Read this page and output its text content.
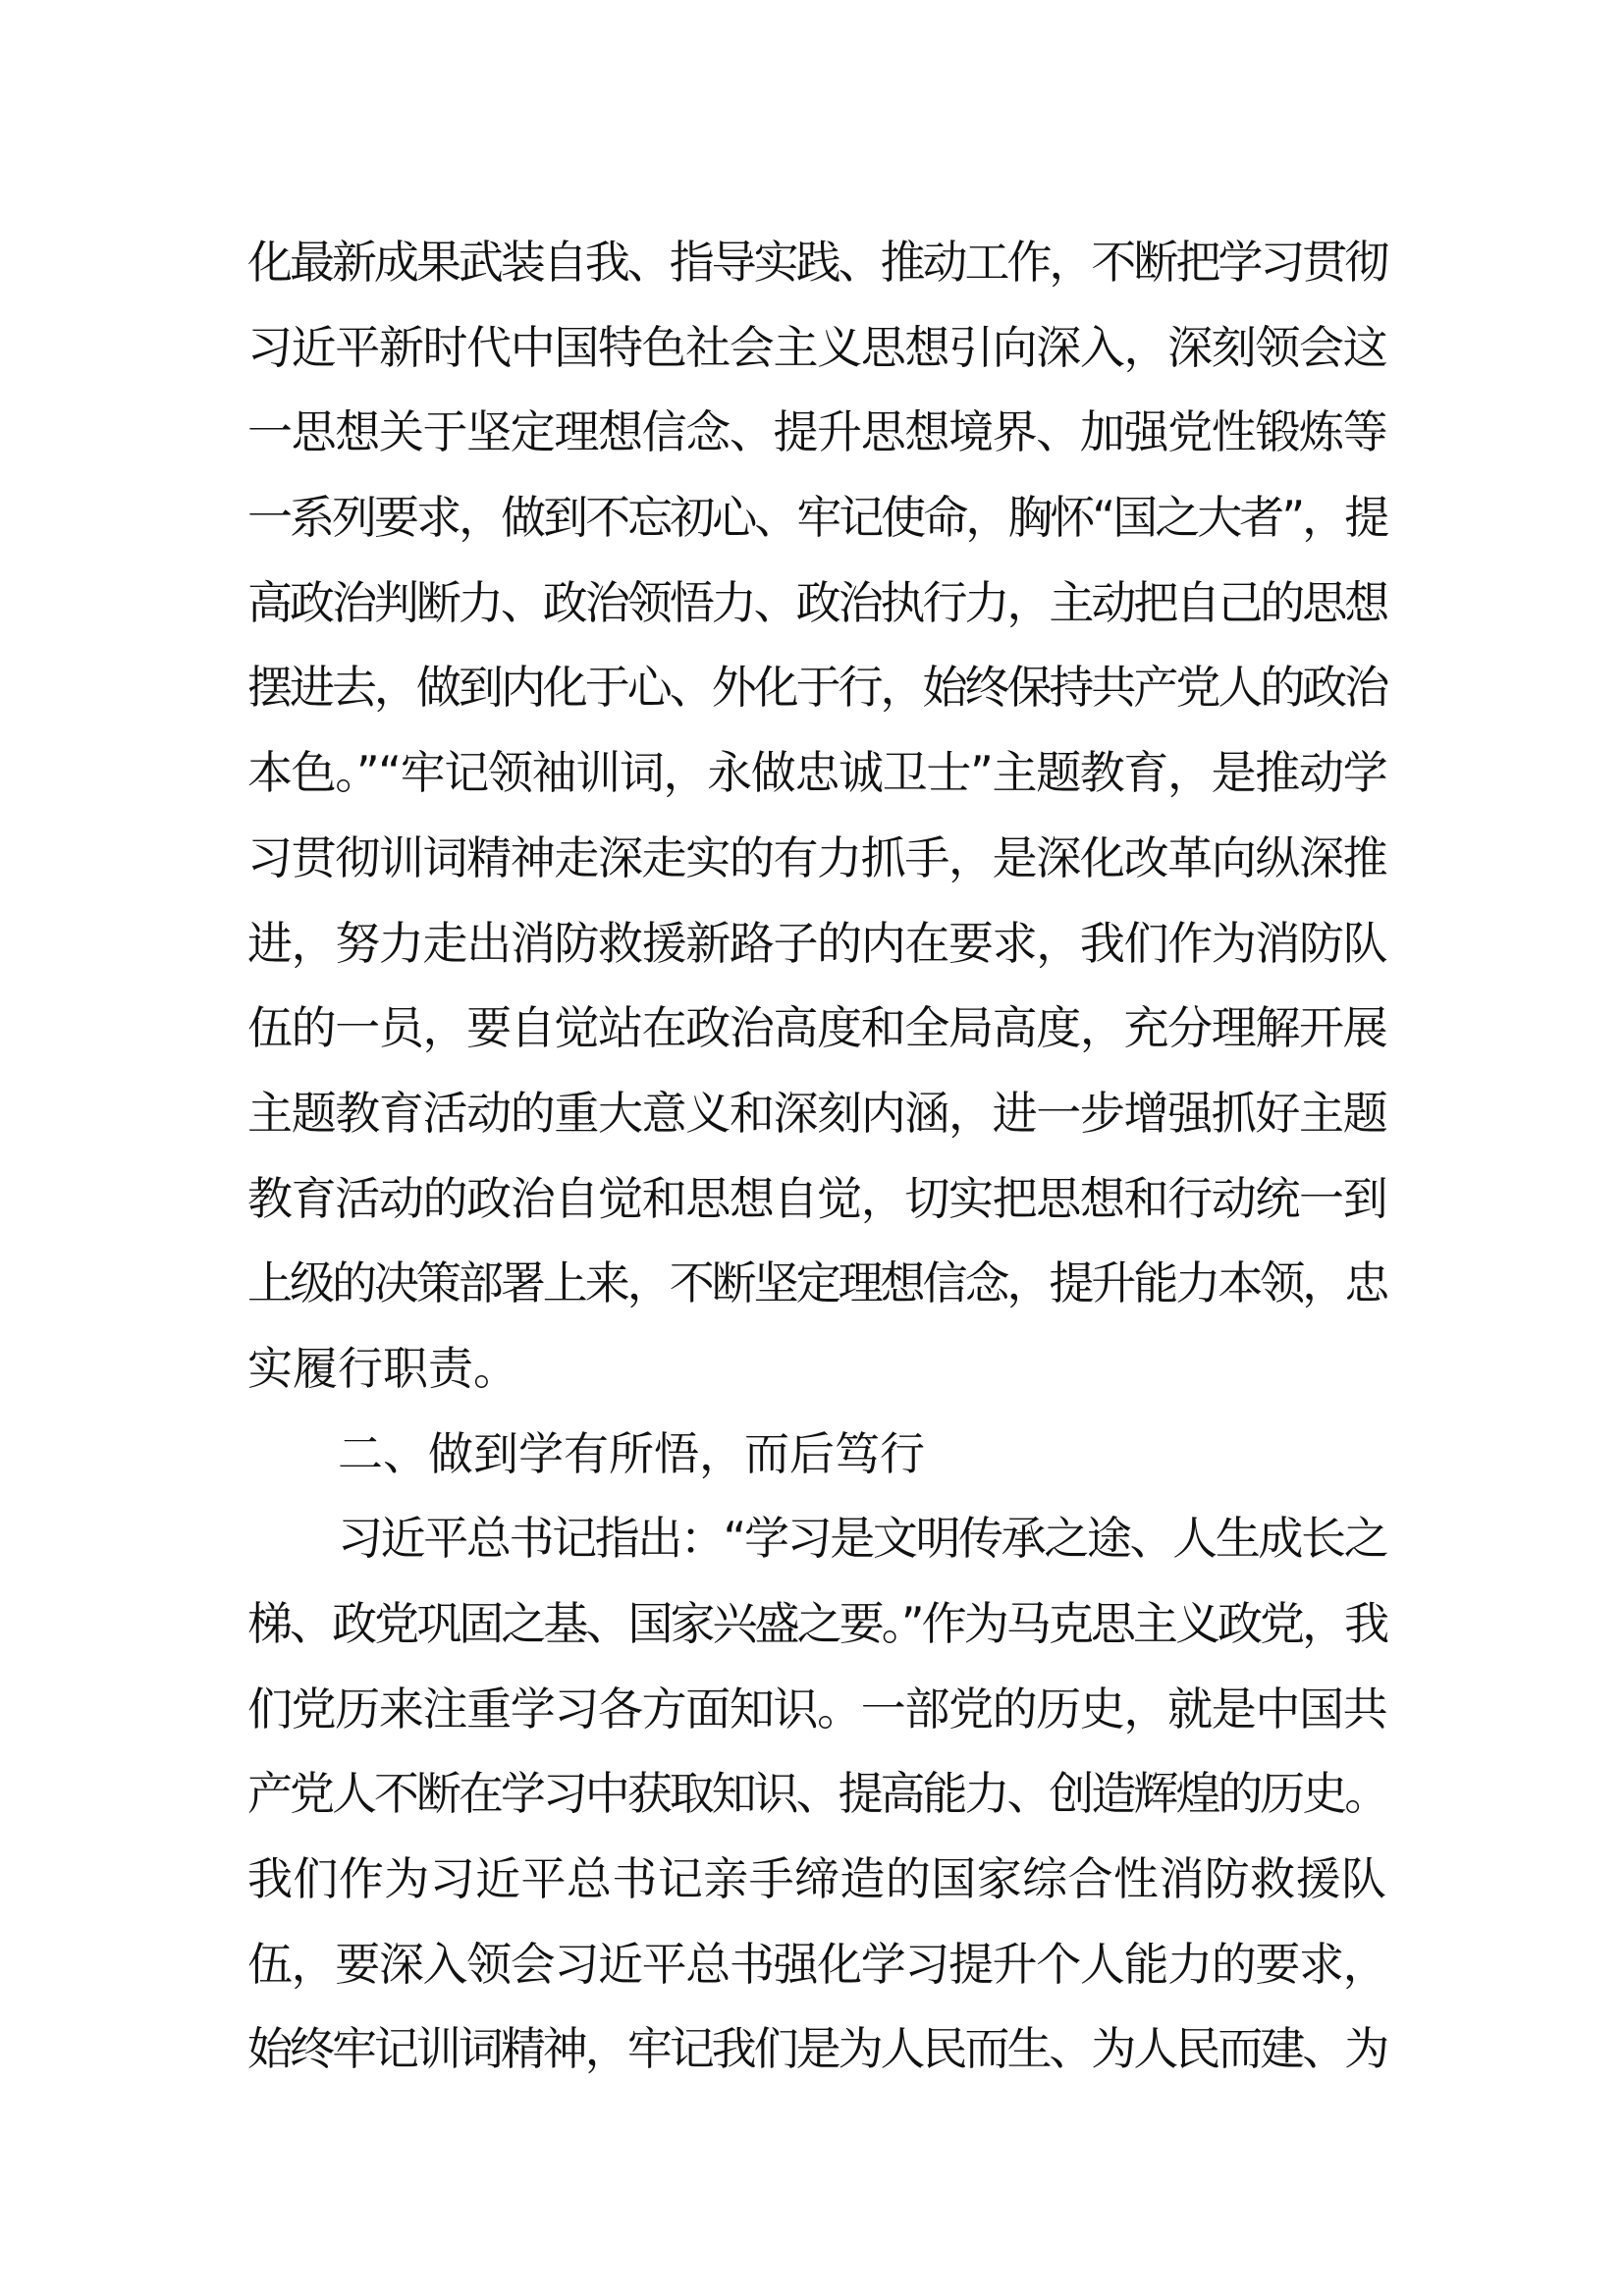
化最新成果武装自我、指导实践、推动工作，不断把学习贯彻
习近平新时代中国特色社会主义思想引向深入，深刻领会这
一思想关于坚定理想信念、提升思想境界、加强党性锻炼等
一系列要求，做到不忘初心、牢记使命，胸怀“国之大者”，提
高政治判断力、政治领悟力、政治执行力，主动把自己的思想
摆进去，做到内化于心、外化于行，始终保持共产党人的政治
本色。”“牢记领袖训词，永做忠诚卫士”主题教育，是推动学
习贯彻训词精神走深走实的有力抓手，是深化改革向纵深推
进，努力走出消防救援新路子的内在要求，我们作为消防队
伍的一员，要自觉站在政治高度和全局高度，充分理解开展
主题教育活动的重大意义和深刻内涵，进一步增强抓好主题
教育活动的政治自觉和思想自觉，切实把思想和行动统一到
上级的决策部署上来，不断坚定理想信念，提升能力本领，忠
实履行职责。
二、做到学有所悟，而后笃行
习近平总书记指出：“学习是文明传承之途、人生成长之
梯、政党巩固之基、国家兴盛之要。”作为马克思主义政党，我
们党历来注重学习各方面知识。一部党的历史，就是中国共
产党人不断在学习中获取知识、提高能力、创造辉煌的历史。
我们作为习近平总书记亲手缔造的国家综合性消防救援队
伍，要深入领会习近平总书强化学习提升个人能力的要求，
始终牢记训词精神，牢记我们是为人民而生、为人民而建、为
